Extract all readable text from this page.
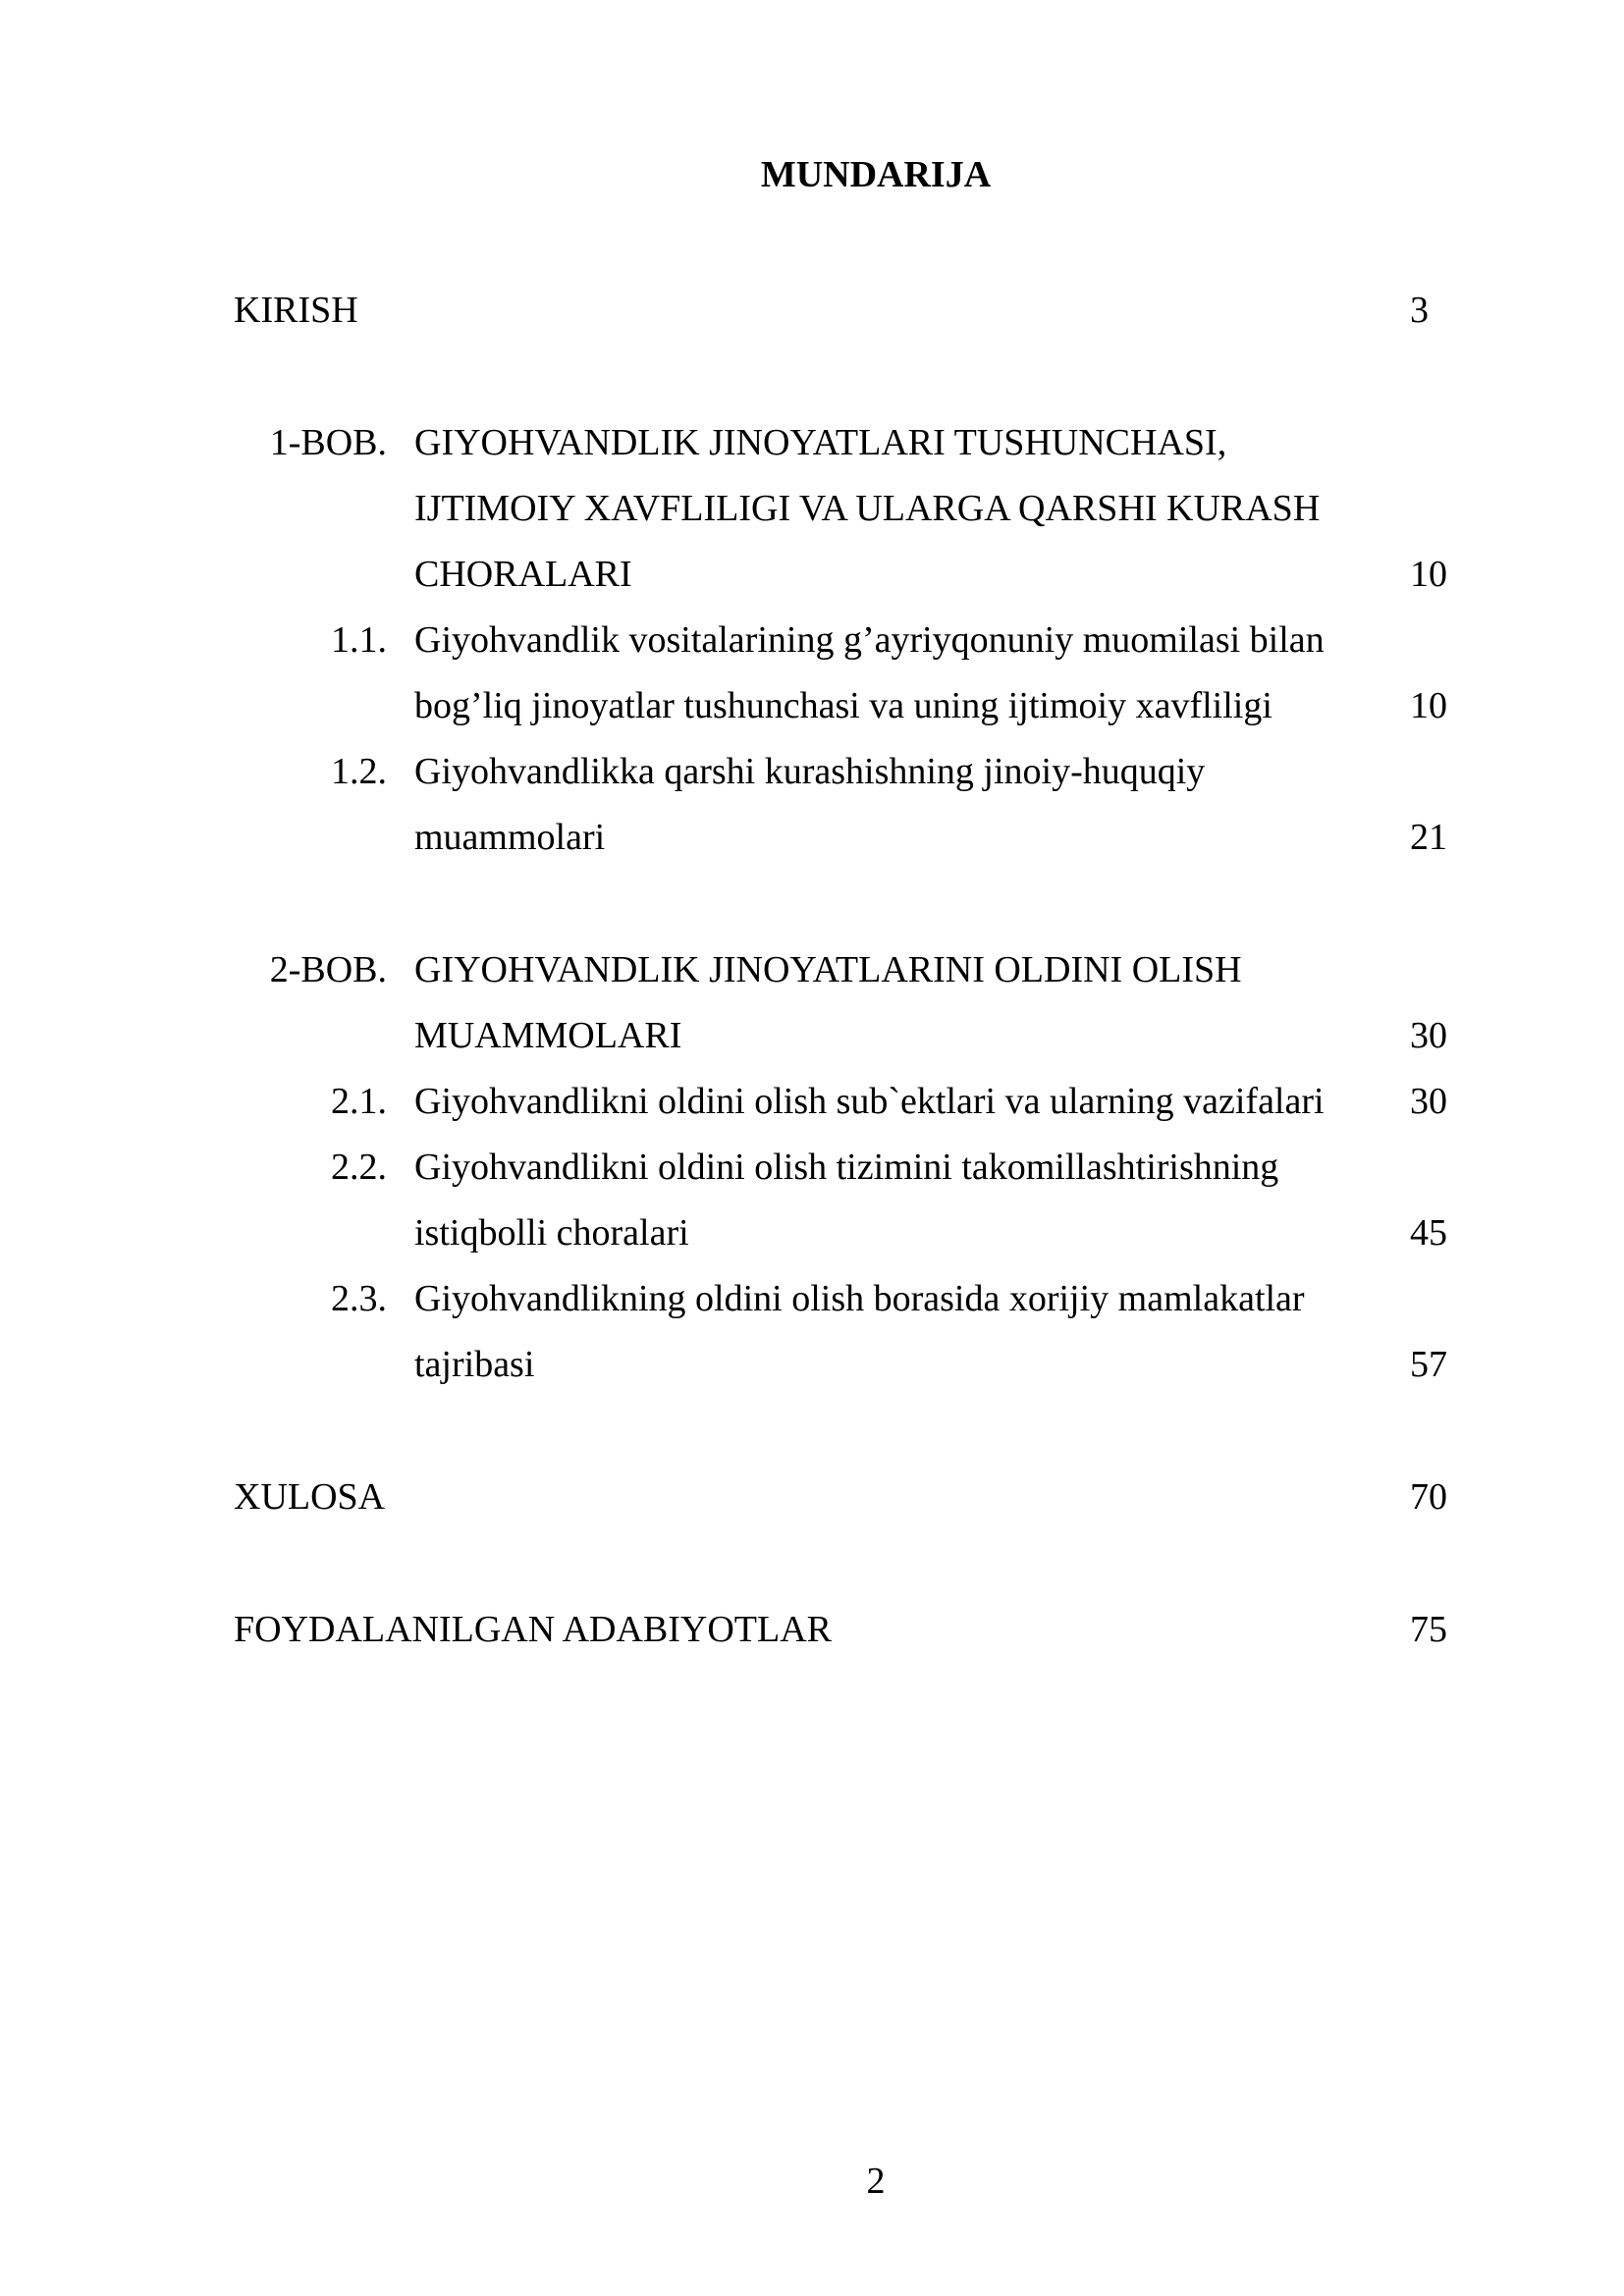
MUNDARIJA
KIRISH	3
1-BOB. GIYOHVANDLIK JINOYATLARI TUSHUNCHASI,
IJTIMOIY XAVFLILIGI VA ULARGA QARSHI KURASH
CHORALARI	10
1.1. Giyohvandlik vositalarining g’ayriyqonuniy muomilasi bilan
bog’liq jinoyatlar tushunchasi va uning ijtimoiy xavfliligi	10
1.2. Giyohvandlikka qarshi kurashishning jinoiy-huquqiy
muammolari	21
2-BOB. GIYOHVANDLIK JINOYATLARINI OLDINI OLISH
MUAMMOLARI	30
2.1. Giyohvandlikni oldini olish sub`ektlari va ularning vazifalari 30
2.2. Giyohvandlikni oldini olish tizimini takomillashtirishning
istiqbolli choralari	45
2.3. Giyohvandlikning oldini olish borasida xorijiy mamlakatlar
tajribasi	57
XULOSA	70
FOYDALANILGAN ADABIYOTLAR	75
2
